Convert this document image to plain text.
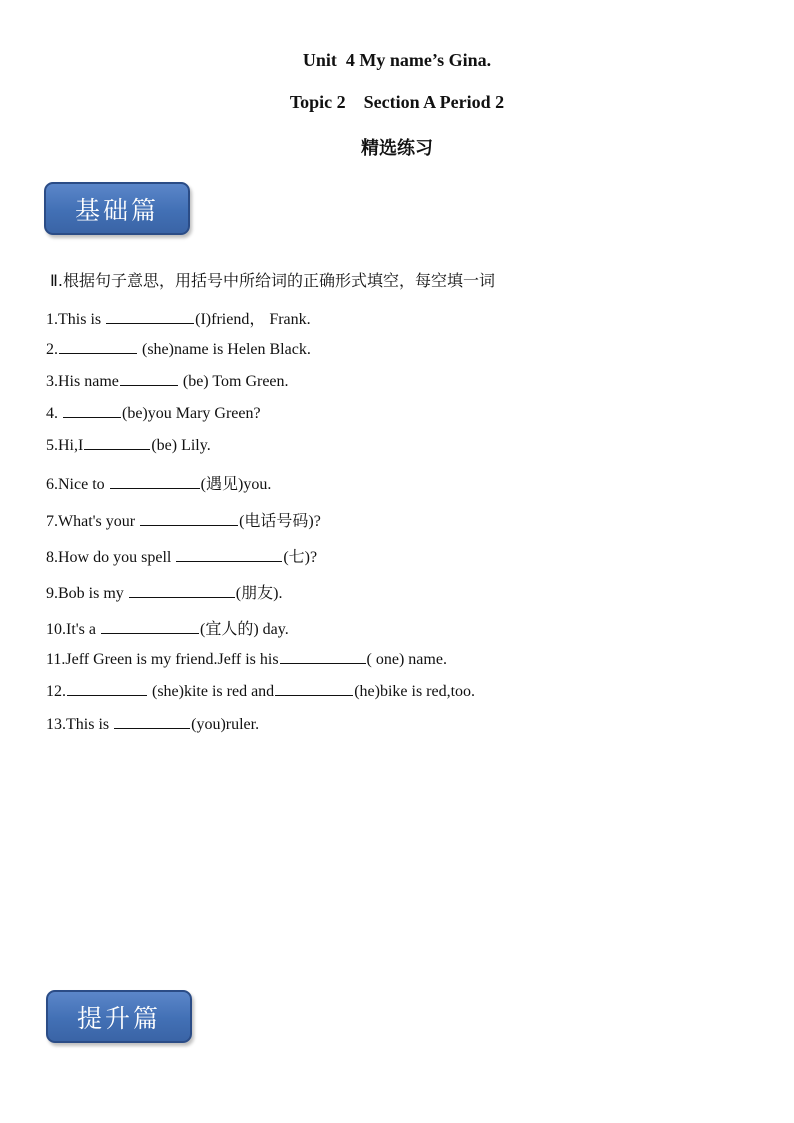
Unit  4 My name’s Gina.
Topic 2    Section A Period 2
精选练习
基础篇
Ⅱ.根据句子意思，用括号中所给词的正确形式填空，每空填一词
1.This is	(I)friend， Frank.
2.	(she)name is Helen Black.
3.His name	(be) Tom Green.
4.	(be)you Mary Green?
5.Hi,I	(be) Lily.
6.Nice to	(遇见)you.
7.What's your	(电话号码)?
8.How do you spell	(七)?
9.Bob is my	(朋友).
10.It's a	(宜人的) day.
11.Jeff Green is my friend.Jeff is his	( one) name.
12.	(she)kite is red and	(he)bike is red,too.
13.This is	(you)ruler.
提升篇
